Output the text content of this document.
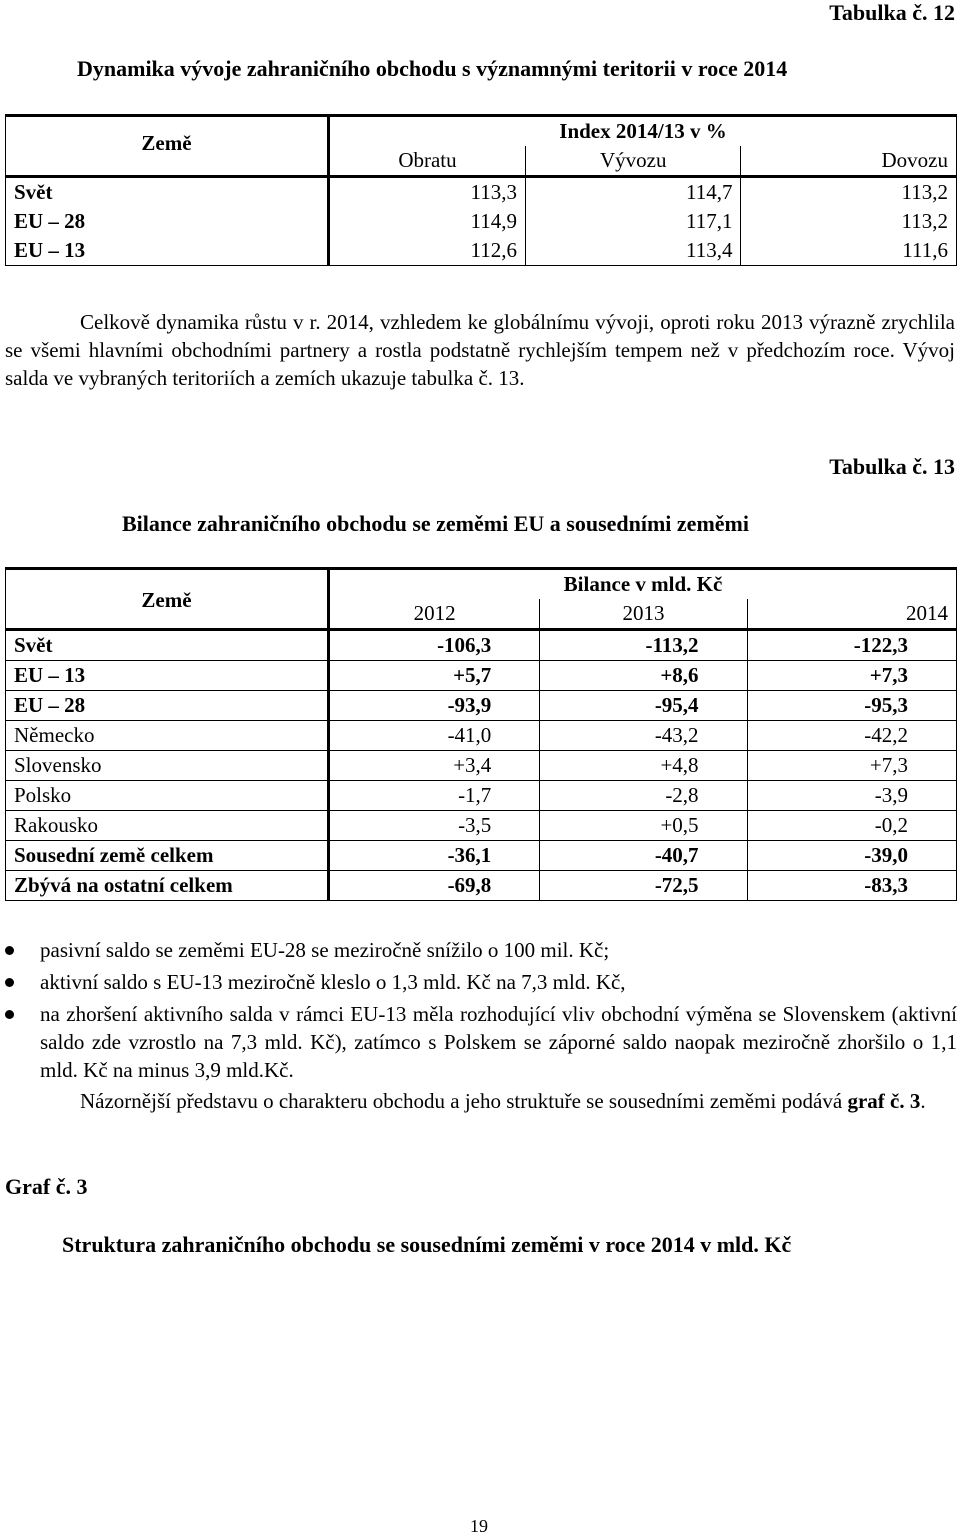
Tabulka č. 12
Dynamika vývoje zahraničního obchodu s významnými teritorii v roce 2014
Země	Index 2014/13 v %		
	Obratu	Vývozu	Dovozu
Svět	113,3	114,7	113,2
EU – 28	114,9	117,1	113,2
EU – 13	112,6	113,4	111,6
Celkově dynamika růstu v r. 2014, vzhledem ke globálnímu vývoji, oproti roku 2013 výrazně zrychlila se všemi hlavními obchodními partnery a rostla podstatně rychlejším tempem než v předchozím roce. Vývoj salda ve vybraných teritoriích a zemích ukazuje tabulka č. 13.
Tabulka č. 13
Bilance zahraničního obchodu se zeměmi EU a sousedními zeměmi
Země	Bilance v mld. Kč		
	2012	2013	2014
Svět	-106,3	-113,2	-122,3
EU – 13	+5,7	+8,6	+7,3
EU – 28	-93,9	-95,4	-95,3
Německo	-41,0	-43,2	-42,2
Slovensko	+3,4	+4,8	+7,3
Polsko	-1,7	-2,8	-3,9
Rakousko	-3,5	+0,5	-0,2
Sousední země celkem	-36,1	-40,7	-39,0
Zbývá na ostatní celkem	-69,8	-72,5	-83,3
pasivní saldo se zeměmi EU-28 se meziročně snížilo o 100 mil. Kč;
aktivní saldo s EU-13 meziročně kleslo o 1,3 mld. Kč na 7,3 mld. Kč,
na zhoršení aktivního salda v rámci EU-13 měla rozhodující vliv obchodní výměna se Slovenskem (aktivní saldo zde vzrostlo na 7,3 mld. Kč), zatímco s Polskem se záporné saldo naopak meziročně zhoršilo o 1,1 mld. Kč na minus 3,9 mld.Kč.
Názornější představu o charakteru obchodu a jeho struktuře se sousedními zeměmi podává graf č. 3.
Graf č. 3
Struktura zahraničního obchodu se sousedními zeměmi v roce 2014 v mld. Kč
19
